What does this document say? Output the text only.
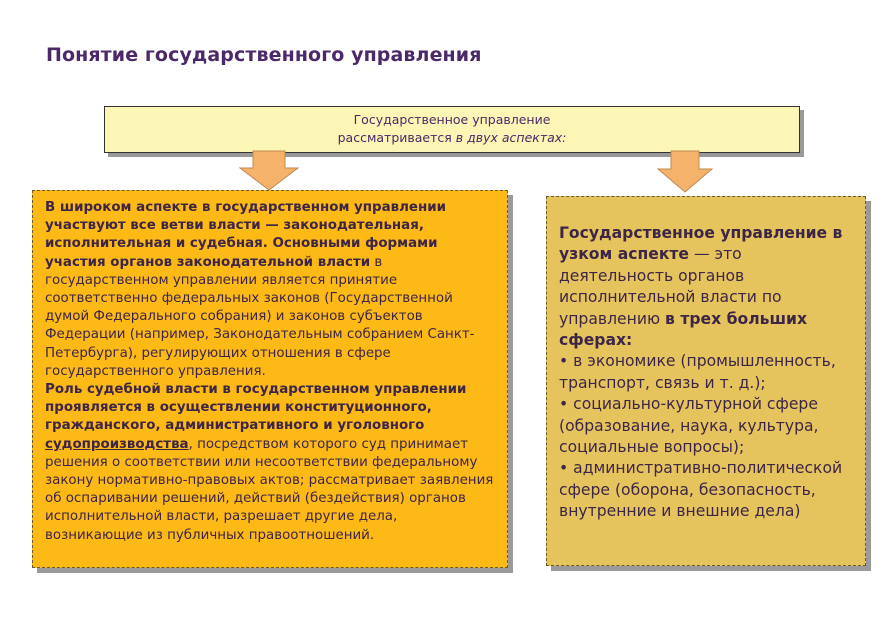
Понятие государственного управления
Государственное управление
рассматривается в двух аспектах:
В широком аспекте в государственном управлении участвуют все ветви власти — законодательная, исполнительная и судебная. Основными формами участия органов законодательной власти в государственном управлении является принятие соответственно федеральных законов (Государственной думой Федерального собрания) и законов субъектов Федерации (например, Законодательным собранием Санкт-Петербурга), регулирующих отношения в сфере государственного управления.
Роль судебной власти в государственном управлении проявляется в осуществлении конституционного, гражданского, административного и уголовного судопроизводства, посредством которого суд принимает решения о соответствии или несоответствии федеральному закону нормативно-правовых актов; рассматривает заявления об оспаривании решений, действий (бездействия) органов исполнительной власти, разрешает другие дела, возникающие из публичных правоотношений.
Государственное управление в узком аспекте — это деятельность органов исполнительной власти по управлению в трех больших сферах:
• в экономике (промышленность, транспорт, связь и т. д.);
• социально-культурной сфере (образование, наука, культура, социальные вопросы);
• административно-политической сфере (оборона, безопасность, внутренние и внешние дела)
